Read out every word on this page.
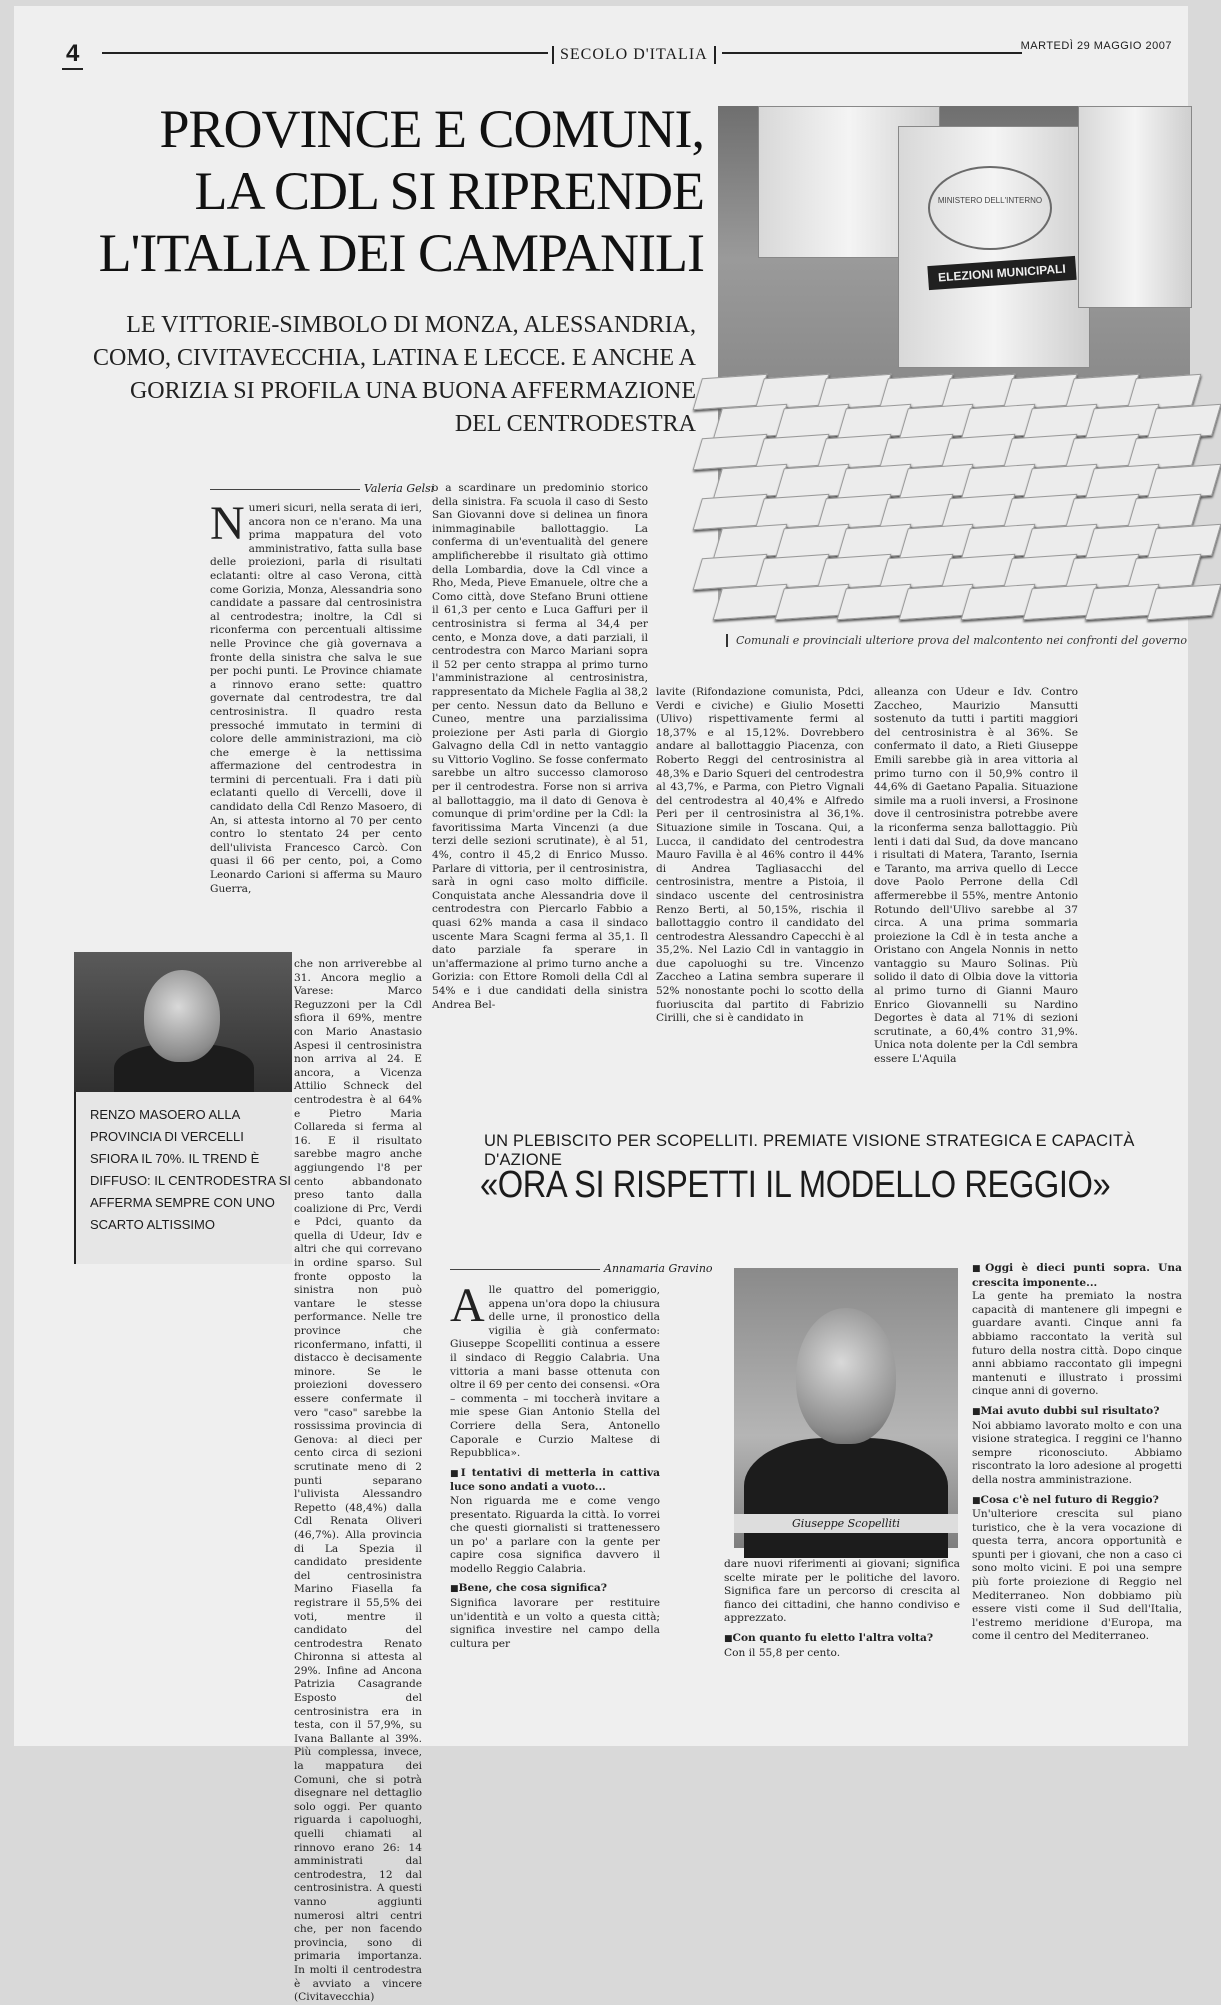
4	SECOLO D'ITALIA	MARTEDÌ 29 MAGGIO 2007
PROVINCE E COMUNI,
LA CDL SI RIPRENDE
L'ITALIA DEI CAMPANILI
LE VITTORIE-SIMBOLO DI MONZA, ALESSANDRIA, COMO, CIVITAVECCHIA, LATINA E LECCE. E ANCHE A GORIZIA SI PROFILA UNA BUONA AFFERMAZIONE DEL CENTRODESTRA
MINISTERO DELL'INTERNO
ELEZIONI MUNICIPALI
Comunali e provinciali ulteriore prova del malcontento nei confronti del governo
Valeria Gelsi
N umeri sicuri, nella serata di ieri, ancora non ce n'erano. Ma una prima mappatura del voto amministrativo, fatta sulla base delle proiezioni, parla di risultati eclatanti: oltre al caso Verona, città come Gorizia, Monza, Alessandria sono candidate a passare dal centrosinistra al centrodestra; inoltre, la Cdl si riconferma con percentuali altissime nelle Province che già governava a fronte della sinistra che salva le sue per pochi punti. Le Province chiamate a rinnovo erano sette: quattro governate dal centrodestra, tre dal centrosinistra. Il quadro resta pressoché immutato in termini di colore delle amministrazioni, ma ciò che emerge è la nettissima affermazione del centrodestra in termini di percentuali. Fra i dati più eclatanti quello di Vercelli, dove il candidato della Cdl Renzo Masoero, di An, si attesta intorno al 70 per cento contro lo stentato 24 per cento dell'ulivista Francesco Carcò. Con quasi il 66 per cento, poi, a Como Leonardo Carioni si afferma su Mauro Guerra,
RENZO MASOERO ALLA PROVINCIA DI VERCELLI SFIORA IL 70%. IL TREND È DIFFUSO: IL CENTRODESTRA SI AFFERMA SEMPRE CON UNO SCARTO ALTISSIMO
che non arriverebbe al 31. Ancora meglio a Varese: Marco Reguzzoni per la Cdl sfiora il 69%, mentre con Mario Anastasio Aspesi il centrosinistra non arriva al 24. E ancora, a Vicenza Attilio Schneck del centrodestra è al 64% e Pietro Maria Collareda si ferma al 16. E il risultato sarebbe magro anche aggiungendo l'8 per cento abbandonato preso tanto dalla coalizione di Prc, Verdi e Pdci, quanto da quella di Udeur, Idv e altri che qui correvano in ordine sparso. Sul fronte opposto la sinistra non può vantare le stesse performance. Nelle tre province che riconfermano, infatti, il distacco è decisamente minore. Se le proiezioni dovessero essere confermate il vero "caso" sarebbe la rossissima provincia di Genova: al dieci per cento circa di sezioni scrutinate meno di 2 punti separano l'ulivista Alessandro Repetto (48,4%) dalla Cdl Renata Oliveri (46,7%). Alla provincia di La Spezia il candidato presidente del centrosinistra Marino Fiasella fa registrare il 55,5% dei voti, mentre il candidato del centrodestra Renato Chironna si attesta al 29%. Infine ad Ancona Patrizia Casagrande Esposto del centrosinistra era in testa, con il 57,9%, su Ivana Ballante al 39%. Più complessa, invece, la mappatura dei Comuni, che si potrà disegnare nel dettaglio solo oggi. Per quanto riguarda i capoluoghi, quelli chiamati al rinnovo erano 26: 14 amministrati dal centrodestra, 12 dal centrosinistra. A questi vanno aggiunti numerosi altri centri che, per non facendo provincia, sono di primaria importanza. In molti il centrodestra è avviato a vincere (Civitavecchia)
o a scardinare un predominio storico della sinistra. Fa scuola il caso di Sesto San Giovanni dove si delinea un finora inimmaginabile ballottaggio. La conferma di un'eventualità del genere amplificherebbe il risultato già ottimo della Lombardia, dove la Cdl vince a Rho, Meda, Pieve Emanuele, oltre che a Como città, dove Stefano Bruni ottiene il 61,3 per cento e Luca Gaffuri per il centrosinistra si ferma al 34,4 per cento, e Monza dove, a dati parziali, il centrodestra con Marco Mariani sopra il 52 per cento strappa al primo turno l'amministrazione al centrosinistra, rappresentato da Michele Faglia al 38,2 per cento. Nessun dato da Belluno e Cuneo, mentre una parzialissima proiezione per Asti parla di Giorgio Galvagno della Cdl in netto vantaggio su Vittorio Voglino. Se fosse confermato sarebbe un altro successo clamoroso per il centrodestra. Forse non si arriva al ballottaggio, ma il dato di Genova è comunque di prim'ordine per la Cdl: la favoritissima Marta Vincenzi (a due terzi delle sezioni scrutinate), è al 51, 4%, contro il 45,2 di Enrico Musso. Parlare di vittoria, per il centrosinistra, sarà in ogni caso molto difficile. Conquistata anche Alessandria dove il centrodestra con Piercarlo Fabbio a quasi 62% manda a casa il sindaco uscente Mara Scagni ferma al 35,1. Il dato parziale fa sperare in un'affermazione al primo turno anche a Gorizia: con Ettore Romoli della Cdl al 54% e i due candidati della sinistra Andrea Bel-
lavite (Rifondazione comunista, Pdci, Verdi e civiche) e Giulio Mosetti (Ulivo) rispettivamente fermi al 18,37% e al 15,12%. Dovrebbero andare al ballottaggio Piacenza, con Roberto Reggi del centrosinistra al 48,3% e Dario Squeri del centrodestra al 43,7%, e Parma, con Pietro Vignali del centrodestra al 40,4% e Alfredo Peri per il centrosinistra al 36,1%. Situazione simile in Toscana. Qui, a Lucca, il candidato del centrodestra Mauro Favilla è al 46% contro il 44% di Andrea Tagliasacchi del centrosinistra, mentre a Pistoia, il sindaco uscente del centrosinistra Renzo Berti, al 50,15%, rischia il ballottaggio contro il candidato del centrodestra Alessandro Capecchi è al 35,2%. Nel Lazio Cdl in vantaggio in due capoluoghi su tre. Vincenzo Zaccheo a Latina sembra superare il 52% nonostante pochi lo scotto della fuoriuscita dal partito di Fabrizio Cirilli, che si è candidato in
alleanza con Udeur e Idv. Contro Zaccheo, Maurizio Mansutti sostenuto da tutti i partiti maggiori del centrosinistra è al 36%. Se confermato il dato, a Rieti Giuseppe Emili sarebbe già in area vittoria al primo turno con il 50,9% contro il 44,6% di Gaetano Papalia. Situazione simile ma a ruoli inversi, a Frosinone dove il centrosinistra potrebbe avere la riconferma senza ballottaggio. Più lenti i dati dal Sud, da dove mancano i risultati di Matera, Taranto, Isernia e Taranto, ma arriva quello di Lecce dove Paolo Perrone della Cdl affermerebbe il 55%, mentre Antonio Rotundo dell'Ulivo sarebbe al 37 circa. A una prima sommaria proiezione la Cdl è in testa anche a Oristano con Angela Nonnis in netto vantaggio su Mauro Solinas. Più solido il dato di Olbia dove la vittoria al primo turno di Gianni Mauro Enrico Giovannelli su Nardino Degortes è data al 71% di sezioni scrutinate, a 60,4% contro 31,9%. Unica nota dolente per la Cdl sembra essere L'Aquila
UN PLEBISCITO PER SCOPELLITI. PREMIATE VISIONE STRATEGICA E CAPACITÀ D'AZIONE
«ORA SI RISPETTI IL MODELLO REGGIO»
Annamaria Gravino
A lle quattro del pomeriggio, appena un'ora dopo la chiusura delle urne, il pronostico della vigilia è già confermato: Giuseppe Scopelliti continua a essere il sindaco di Reggio Calabria. Una vittoria a mani basse ottenuta con oltre il 69 per cento dei consensi. «Ora – commenta – mi toccherà invitare a mie spese Gian Antonio Stella del Corriere della Sera, Antonello Caporale e Curzio Maltese di Repubblica».
■ I tentativi di metterla in cattiva luce sono andati a vuoto...
Non riguarda me e come vengo presentato. Riguarda la città. Io vorrei che questi giornalisti si trattenessero un po' a parlare con la gente per capire cosa significa davvero il modello Reggio Calabria.
■ Bene, che cosa significa?
Significa lavorare per restituire un'identità e un volto a questa città; significa investire nel campo della cultura per
Giuseppe Scopelliti
dare nuovi riferimenti ai giovani; significa scelte mirate per le politiche del lavoro. Significa fare un percorso di crescita al fianco dei cittadini, che hanno condiviso e apprezzato.
■ Con quanto fu eletto l'altra volta?
Con il 55,8 per cento.
■ Oggi è dieci punti sopra. Una crescita imponente...
La gente ha premiato la nostra capacità di mantenere gli impegni e guardare avanti. Cinque anni fa abbiamo raccontato la verità sul futuro della nostra città. Dopo cinque anni abbiamo raccontato gli impegni mantenuti e illustrato i prossimi cinque anni di governo.
■ Mai avuto dubbi sul risultato?
Noi abbiamo lavorato molto e con una visione strategica. I reggini ce l'hanno sempre riconosciuto. Abbiamo riscontrato la loro adesione al progetti della nostra amministrazione.
■ Cosa c'è nel futuro di Reggio?
Un'ulteriore crescita sul piano turistico, che è la vera vocazione di questa terra, ancora opportunità e spunti per i giovani, che non a caso ci sono molto vicini. E poi una sempre più forte proiezione di Reggio nel Mediterraneo. Non dobbiamo più essere visti come il Sud dell'Italia, l'estremo meridione d'Europa, ma come il centro del Mediterraneo.
